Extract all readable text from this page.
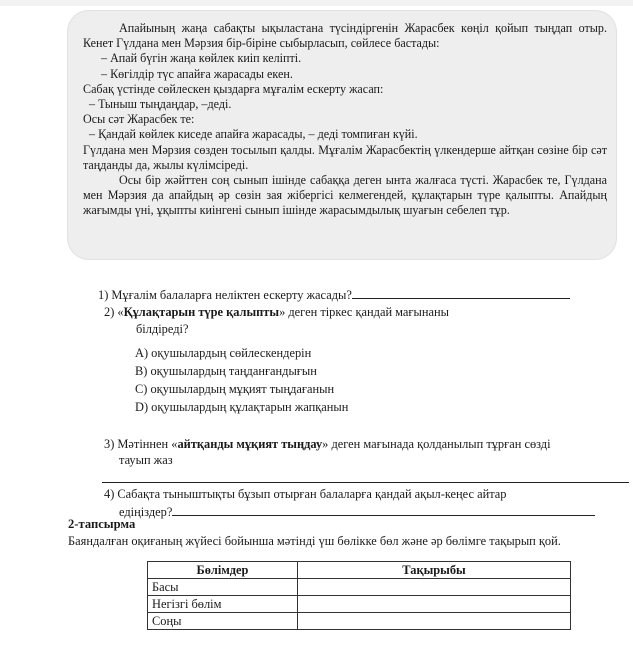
Апайының жаңа сабақты ықыластана түсіндіргенін Жарасбек көңіл қойып тыңдап отыр. Кенет Гүлдана мен Мәрзия бір-біріне сыбырласып, сөйлесе бастады:

– Апай бүгін жаңа көйлек киіп келіпті.

– Көгілдір түс апайға жарасады екен.

Сабақ үстінде сөйлескен қыздарға мұғалім ескерту жасап:

– Тыныш тыңдаңдар, –деді.

Осы сәт Жарасбек те:

– Қандай көйлек киседе апайға жарасады, – деді томпиған күйі.

Гүлдана мен Мәрзия сөзден тосылып қалды. Мұғалім Жарасбектің үлкендерше айтқан сөзіне бір сәт таңданды да, жылы күлімсіреді.

Осы бір жәйттен соң сынып ішінде сабаққа деген ынта жалғаса түсті. Жарасбек те, Гүлдана мен Мәрзия да апайдың әр сөзін зая жібергісі келмегендей, құлақтарын түре қалыпты. Апайдың жағымды үні, ұқыпты киінгені сынып ішінде жарасымдылық шуағын себелеп тұр.

1) Мұғалім балаларға неліктен ескерту жасады?
2) «Құлақтарын түре қалыпты» деген тіркес қандай мағынаны
білдіреді?
А) оқушылардың сөйлескендерін
В) оқушылардың таңданғандығын
С) оқушылардың мұқият тыңдағанын
D) оқушылардың құлақтарын жапқанын
3) Мәтіннен «айтқанды мұқият тыңдау» деген мағынада қолданылып тұрған сөзді
тауып жаз
4) Сабақта тыныштықты бұзып отырған балаларға қандай ақыл-кеңес айтар
едіңіздер?
2-тапсырма
Баяндалған оқиғаның жүйесі бойынша мәтінді үш бөлікке бөл және әр бөлімге тақырып қой.
Бөлімдер	Тақырыбы
Басы	
Негізгі бөлім	
Соңы	
